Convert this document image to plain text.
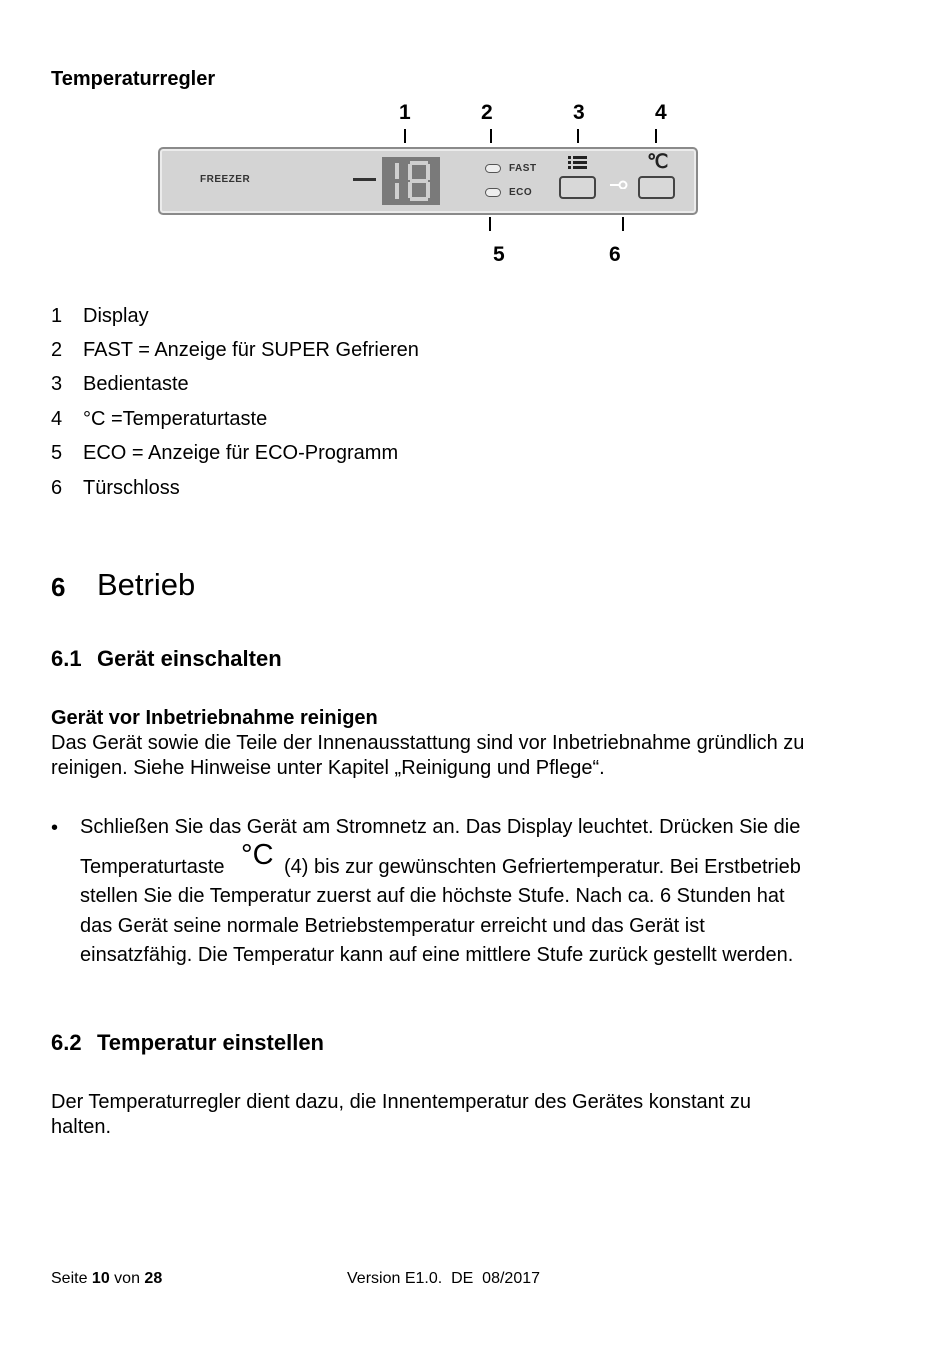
Temperaturregler
1	2	3	4
FREEZER
FAST
ECO
℃
5	6
1 Display
2 FAST = Anzeige für SUPER Gefrieren
3 Bedientaste
4 °C =Temperaturtaste
5 ECO = Anzeige für ECO-Programm
6 Türschloss
6 Betrieb
6.1 Gerät einschalten
Gerät vor Inbetriebnahme reinigen
Das Gerät sowie die Teile der Innenausstattung sind vor Inbetriebnahme gründlich zu
reinigen. Siehe Hinweise unter Kapitel „Reinigung und Pflege“.
• Schließen Sie das Gerät am Stromnetz an. Das Display leuchtet. Drücken Sie die
Temperaturtaste °C (4) bis zur gewünschten Gefriertemperatur. Bei Erstbetrieb
stellen Sie die Temperatur zuerst auf die höchste Stufe. Nach ca. 6 Stunden hat
das Gerät seine normale Betriebstemperatur erreicht und das Gerät ist
einsatzfähig. Die Temperatur kann auf eine mittlere Stufe zurück gestellt werden.
6.2 Temperatur einstellen
Der Temperaturregler dient dazu, die Innentemperatur des Gerätes konstant zu
halten.
Seite 10 von 28	Version E1.0.  DE  08/2017
